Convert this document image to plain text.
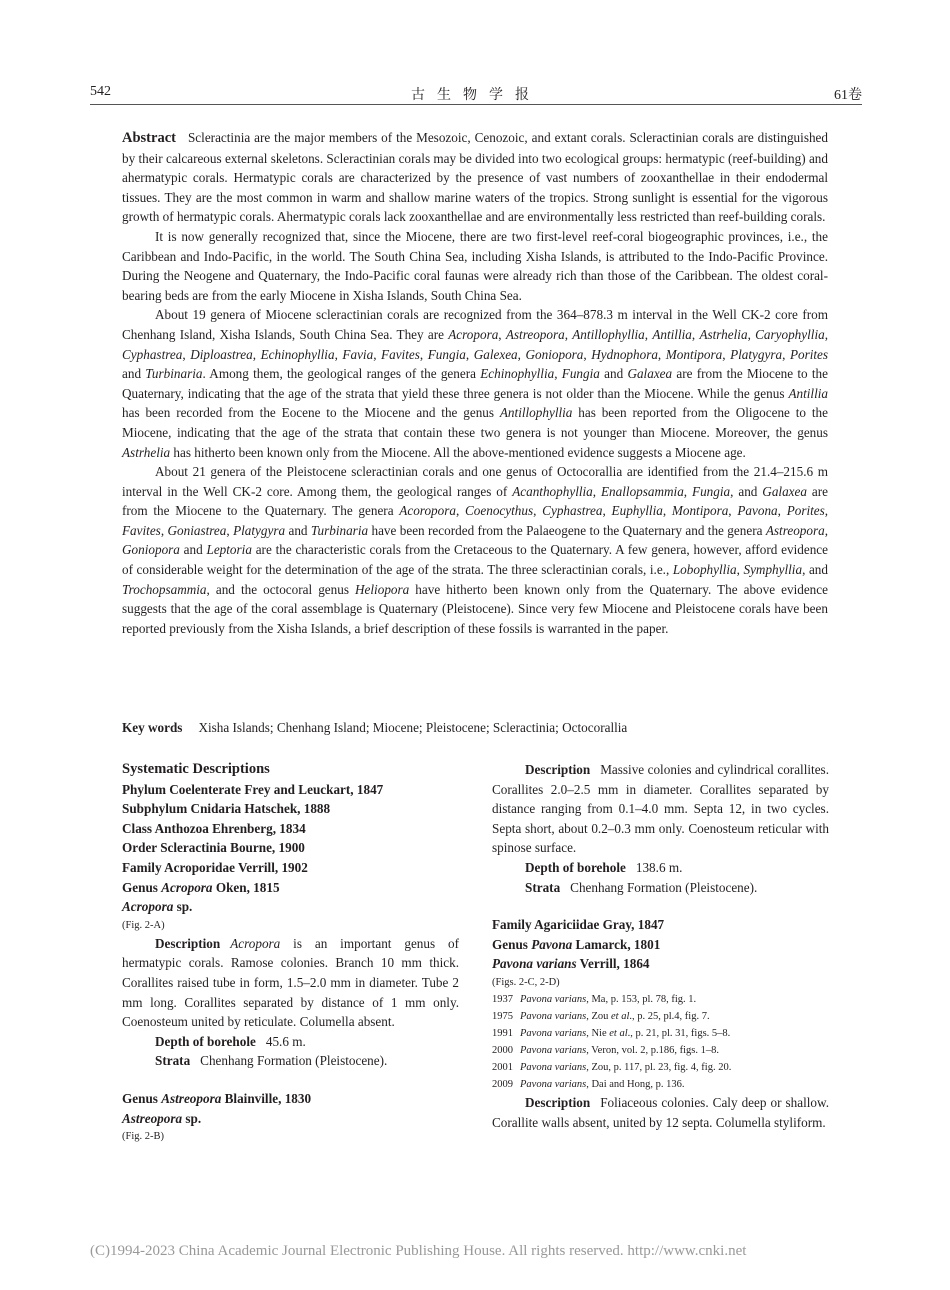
542	古生物学报	61卷

Abstract Scleractinia are the major members of the Mesozoic, Cenozoic, and extant corals. Scleractinian corals are distinguished by their calcareous external skeletons. Scleractinian corals may be divided into two ecological groups: hermatypic (reef-building) and ahermatypic corals. Hermatypic corals are characterized by the presence of vast numbers of zooxanthellae in their endodermal tissues. They are the most common in warm and shallow marine waters of the tropics. Strong sunlight is essential for the vigorous growth of hermatypic corals. Ahermatypic corals lack zooxanthellae and are environmentally less restricted than reef-building corals.

It is now generally recognized that, since the Miocene, there are two first-level reef-coral biogeographic provinces, i.e., the Caribbean and Indo-Pacific, in the world. The South China Sea, including Xisha Islands, is attributed to the Indo-Pacific Province. During the Neogene and Quaternary, the Indo-Pacific coral faunas were already rich than those of the Caribbean. The oldest coral-bearing beds are from the early Miocene in Xisha Islands, South China Sea.

About 19 genera of Miocene scleractinian corals are recognized from the 364–878.3 m interval in the Well CK-2 core from Chenhang Island, Xisha Islands, South China Sea. They are Acropora, Astreopora, Antillophyllia, Antillia, Astrhelia, Caryophyllia, Cyphastrea, Diploastrea, Echinophyllia, Favia, Favites, Fungia, Galexea, Goniopora, Hydnophora, Montipora, Platygyra, Porites and Turbinaria. Among them, the geological ranges of the genera Echinophyllia, Fungia and Galaxea are from the Miocene to the Quaternary, indicating that the age of the strata that yield these three genera is not older than the Miocene. While the genus Antillia has been recorded from the Eocene to the Miocene and the genus Antillophyllia has been reported from the Oligocene to the Miocene, indicating that the age of the strata that contain these two genera is not younger than Miocene. Moreover, the genus Astrhelia has hitherto been known only from the Miocene. All the above-mentioned evidence suggests a Miocene age.

About 21 genera of the Pleistocene scleractinian corals and one genus of Octocorallia are identified from the 21.4–215.6 m interval in the Well CK-2 core. Among them, the geological ranges of Acanthophyllia, Enallopsammia, Fungia, and Galaxea are from the Miocene to the Quaternary. The genera Acoropora, Coenocythus, Cyphastrea, Euphyllia, Montipora, Pavona, Porites, Favites, Goniastrea, Platygyra and Turbinaria have been recorded from the Palaeogene to the Quaternary and the genera Astreopora, Goniopora and Leptoria are the characteristic corals from the Cretaceous to the Quaternary. A few genera, however, afford evidence of considerable weight for the determination of the age of the strata. The three scleractinian corals, i.e., Lobophyllia, Symphyllia, and Trochopsammia, and the octocoral genus Heliopora have hitherto been known only from the Quaternary. The above evidence suggests that the age of the coral assemblage is Quaternary (Pleistocene). Since very few Miocene and Pleistocene corals have been reported previously from the Xisha Islands, a brief description of these fossils is warranted in the paper.

Key words Xisha Islands; Chenhang Island; Miocene; Pleistocene; Scleractinia; Octocorallia
Systematic Descriptions
Phylum Coelenterate Frey and Leuckart, 1847
Subphylum Cnidaria Hatschek, 1888
Class Anthozoa Ehrenberg, 1834
Order Scleractinia Bourne, 1900
Family Acroporidae Verrill, 1902
Genus Acropora Oken, 1815
Acropora sp.
(Fig. 2-A)
Description Acropora is an important genus of hermatypic corals. Ramose colonies. Branch 10 mm thick. Corallites raised tube in form, 1.5–2.0 mm in diameter. Tube 2 mm long. Corallites separated by distance of 1 mm only. Coenosteum united by reticulate. Columella absent.
Depth of borehole 45.6 m.
Strata Chenhang Formation (Pleistocene).
Genus Astreopora Blainville, 1830
Astreopora sp.
(Fig. 2-B)
Description Massive colonies and cylindrical corallites. Corallites 2.0–2.5 mm in diameter. Corallites separated by distance ranging from 0.1–4.0 mm. Septa 12, in two cycles. Septa short, about 0.2–0.3 mm only. Coenosteum reticular with spinose surface.
Depth of borehole 138.6 m.
Strata Chenhang Formation (Pleistocene).
Family Agariciidae Gray, 1847
Genus Pavona Lamarck, 1801
Pavona varians Verrill, 1864
(Figs. 2-C, 2-D)
1937 Pavona varians, Ma, p. 153, pl. 78, fig. 1.
1975 Pavona varians, Zou et al., p. 25, pl.4, fig. 7.
1991 Pavona varians, Nie et al., p. 21, pl. 31, figs. 5–8.
2000 Pavona varians, Veron, vol. 2, p.186, figs. 1–8.
2001 Pavona varians, Zou, p. 117, pl. 23, fig. 4, fig. 20.
2009 Pavona varians, Dai and Hong, p. 136.
Description Foliaceous colonies. Caly deep or shallow. Corallite walls absent, united by 12 septa. Columella styliform.
(C)1994-2023 China Academic Journal Electronic Publishing House. All rights reserved. http://www.cnki.net
